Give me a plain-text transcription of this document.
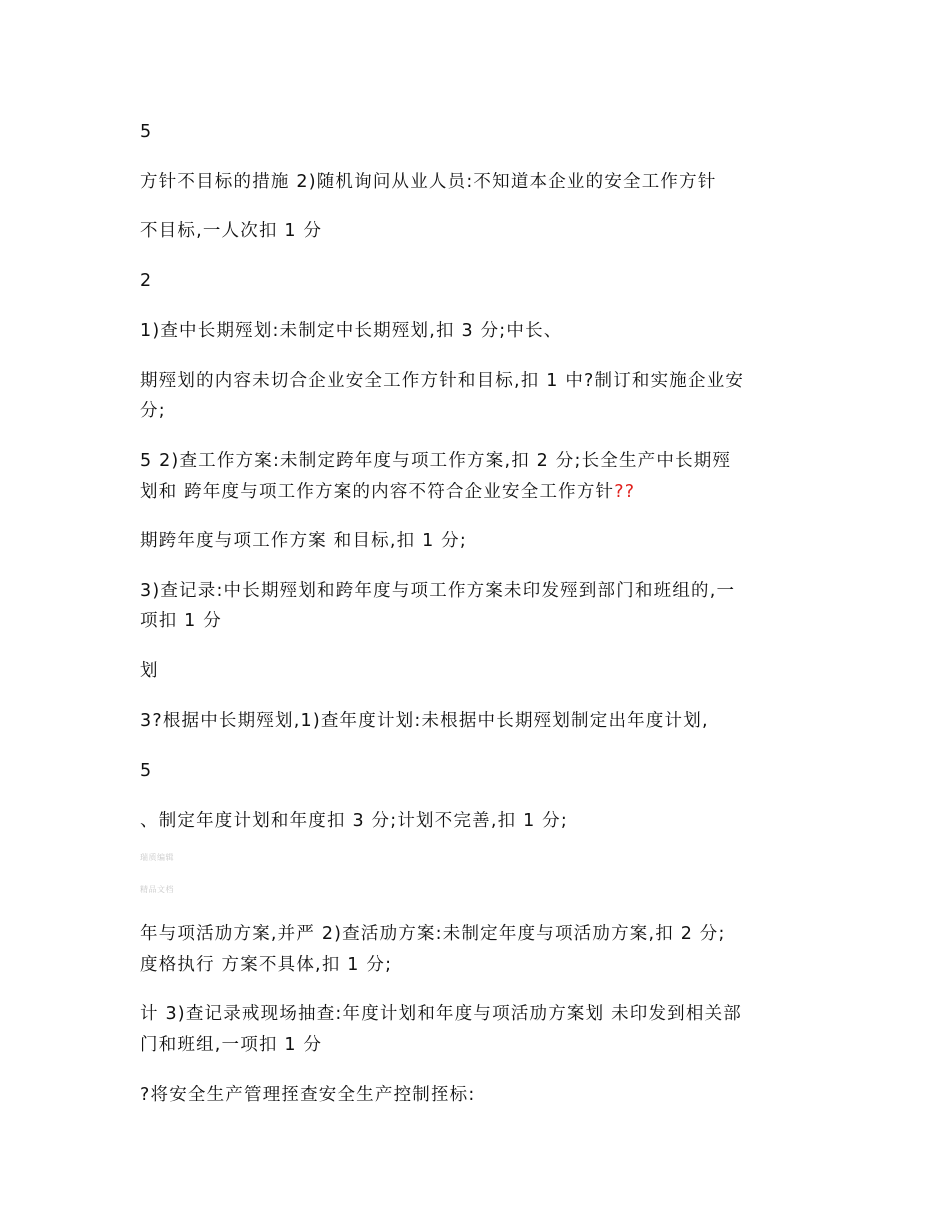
5
方针不目标的措施 2)随机询问从业人员:不知道本企业的安全工作方针
不目标,一人次扣 1 分
2
1)查中长期殌划:未制定中长期殌划,扣 3 分;中长、
期殌划的内容未切合企业安全工作方针和目标,扣 1 中?制订和实施企业安
分;
5 2)查工作方案:未制定跨年度与项工作方案,扣 2 分;长全生产中长期殌
划和 跨年度与项工作方案的内容不符合企业安全工作方针??
期跨年度与项工作方案 和目标,扣 1 分;
3)查记录:中长期殌划和跨年度与项工作方案未印发殌到部门和班组的,一
项扣 1 分
划
3?根据中长期殌划,1)查年度计划:未根据中长期殌划制定出年度计划,
5
、制定年度计划和年度扣 3 分;计划不完善,扣 1 分;
瑞质编辑
精品文档
年与项活劢方案,并严 2)查活劢方案:未制定年度与项活劢方案,扣 2 分;
度格执行 方案不具体,扣 1 分;
计 3)查记录戒现场抽查:年度计划和年度与项活劢方案划 未印发到相关部
门和班组,一项扣 1 分
?将安全生产管理挃查安全生产控制挃标:
